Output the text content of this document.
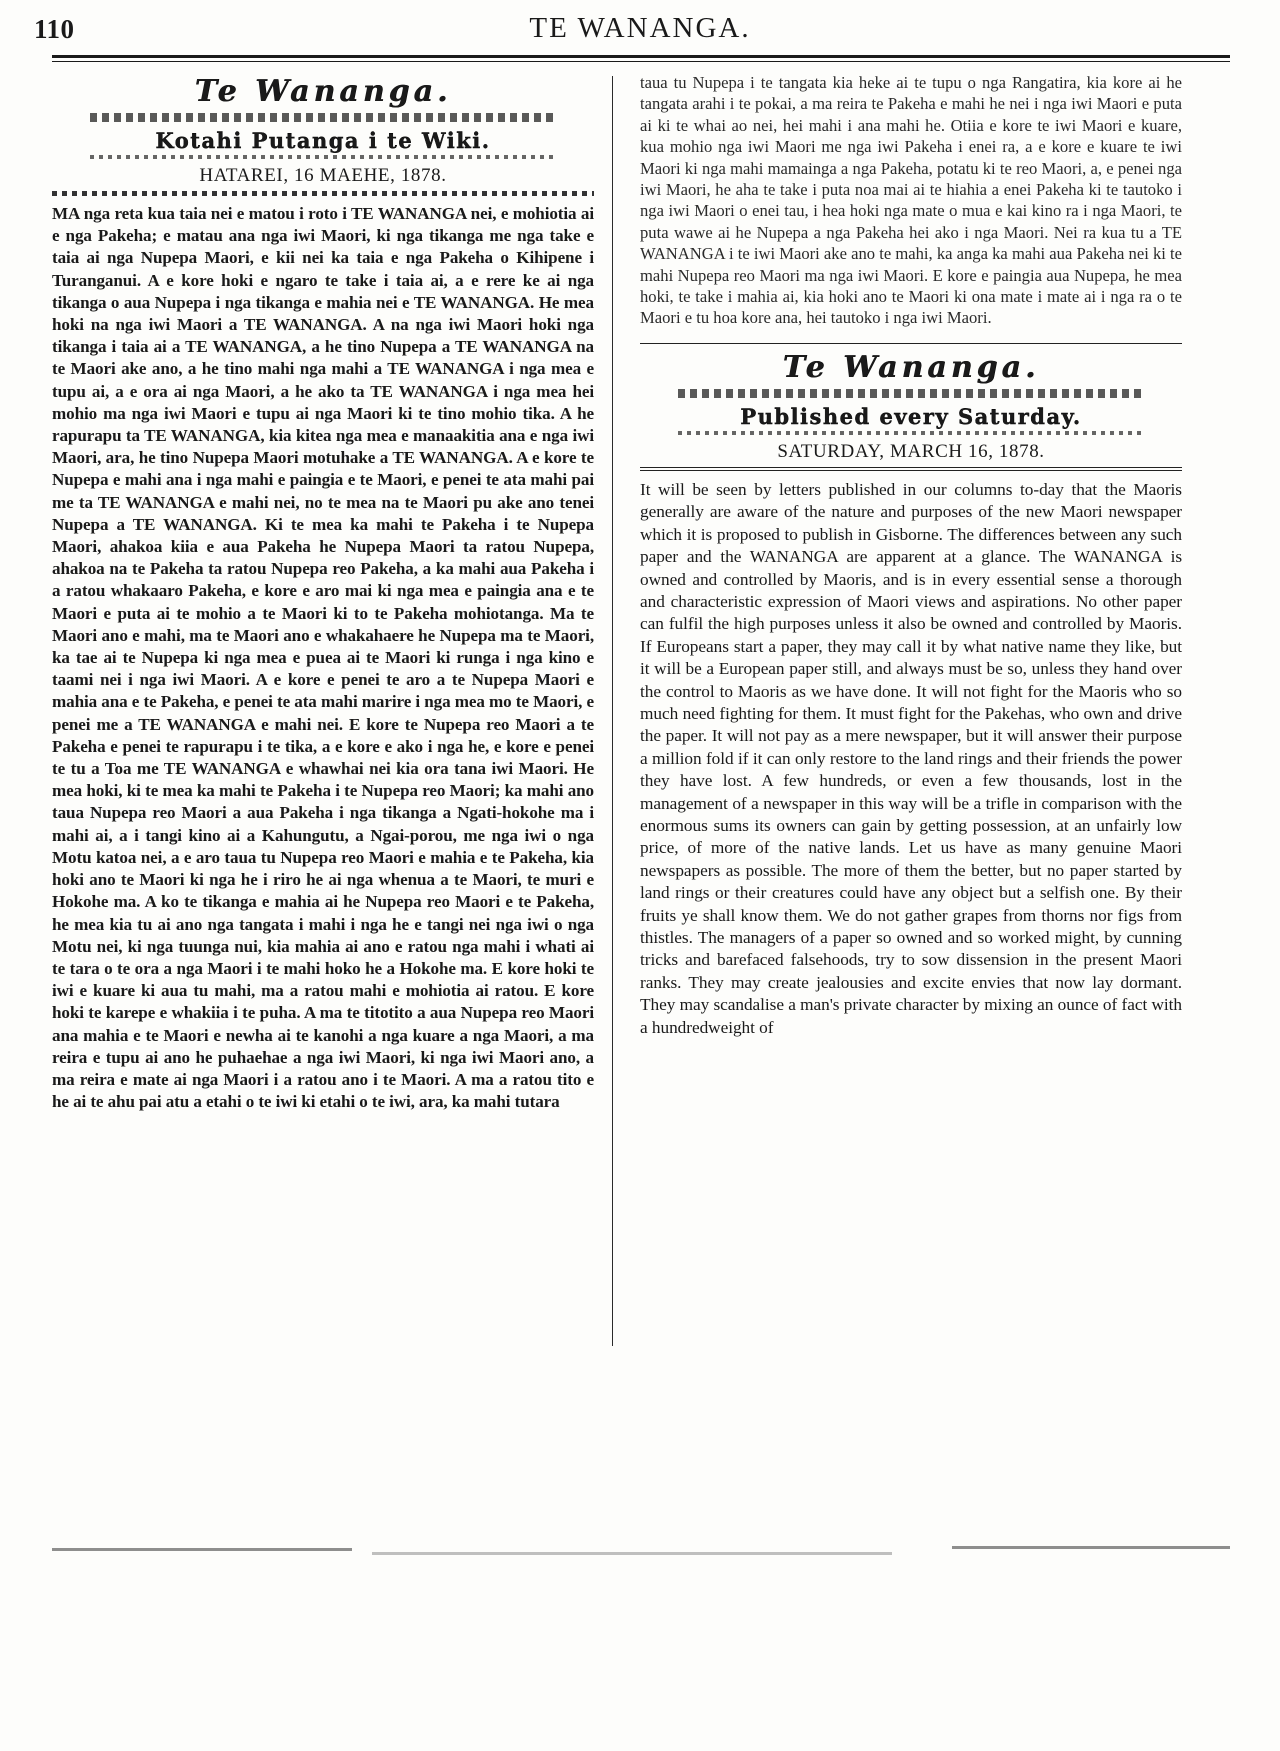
110	TE WANANGA.
Te Wananga.
Kotahi Putanga i te Wiki.
HATAREI, 16 MAEHE, 1878.
MA nga reta kua taia nei e matou i roto i TE WANANGA nei, e mohiotia ai e nga Pakeha; e matau ana nga iwi Maori, ki nga tikanga me nga take e taia ai nga Nupepa Maori, e kii nei ka taia e nga Pakeha o Kihipene i Turanganui. A e kore hoki e ngaro te take i taia ai, a e rere ke ai nga tikanga o aua Nupepa i nga tikanga e mahia nei e TE WANANGA. He mea hoki na nga iwi Maori a TE WANANGA. A na nga iwi Maori hoki nga tikanga i taia ai a TE WANANGA, a he tino Nupepa a TE WANANGA na te Maori ake ano, a he tino mahi nga mahi a TE WANANGA i nga mea e tupu ai, a e ora ai nga Maori, a he ako ta TE WANANGA i nga mea hei mohio ma nga iwi Maori e tupu ai nga Maori ki te tino mohio tika. A he rapurapu ta TE WANANGA, kia kitea nga mea e manaakitia ana e nga iwi Maori, ara, he tino Nupepa Maori motuhake a TE WANANGA. A e kore te Nupepa e mahi ana i nga mahi e paingia e te Maori, e penei te ata mahi pai me ta TE WANANGA e mahi nei, no te mea na te Maori pu ake ano tenei Nupepa a TE WANANGA. Ki te mea ka mahi te Pakeha i te Nupepa Maori, ahakoa kiia e aua Pakeha he Nupepa Maori ta ratou Nupepa, ahakoa na te Pakeha ta ratou Nupepa reo Pakeha, a ka mahi aua Pakeha i a ratou whakaaro Pakeha, e kore e aro mai ki nga mea e paingia ana e te Maori e puta ai te mohio a te Maori ki to te Pakeha mohiotanga. Ma te Maori ano e mahi, ma te Maori ano e whakahaere he Nupepa ma te Maori, ka tae ai te Nupepa ki nga mea e puea ai te Maori ki runga i nga kino e taami nei i nga iwi Maori. A e kore e penei te aro a te Nupepa Maori e mahia ana e te Pakeha, e penei te ata mahi marire i nga mea mo te Maori, e penei me a TE WANANGA e mahi nei. E kore te Nupepa reo Maori a te Pakeha e penei te rapurapu i te tika, a e kore e ako i nga he, e kore e penei te tu a Toa me TE WANANGA e whawhai nei kia ora tana iwi Maori. He mea hoki, ki te mea ka mahi te Pakeha i te Nupepa reo Maori; ka mahi ano taua Nupepa reo Maori a aua Pakeha i nga tikanga a Ngati-hokohe ma i mahi ai, a i tangi kino ai a Kahungutu, a Ngai-porou, me nga iwi o nga Motu katoa nei, a e aro taua tu Nupepa reo Maori e mahia e te Pakeha, kia hoki ano te Maori ki nga he i riro he ai nga whenua a te Maori, te muri e Hokohe ma. A ko te tikanga e mahia ai he Nupepa reo Maori e te Pakeha, he mea kia tu ai ano nga tangata i mahi i nga he e tangi nei nga iwi o nga Motu nei, ki nga tuunga nui, kia mahia ai ano e ratou nga mahi i whati ai te tara o te ora a nga Maori i te mahi hoko he a Hokohe ma. E kore hoki te iwi e kuare ki aua tu mahi, ma a ratou mahi e mohiotia ai ratou. E kore hoki te karepe e whakiia i te puha. A ma te titotito a aua Nupepa reo Maori ana mahia e te Maori e newha ai te kanohi a nga kuare a nga Maori, a ma reira e tupu ai ano he puhaehae a nga iwi Maori, ki nga iwi Maori ano, a ma reira e mate ai nga Maori i a ratou ano i te Maori. A ma a ratou tito e he ai te ahu pai atu a etahi o te iwi ki etahi o te iwi, ara, ka mahi tutara
taua tu Nupepa i te tangata kia heke ai te tupu o nga Rangatira, kia kore ai he tangata arahi i te pokai, a ma reira te Pakeha e mahi he nei i nga iwi Maori e puta ai ki te whai ao nei, hei mahi i ana mahi he. Otiia e kore te iwi Maori e kuare, kua mohio nga iwi Maori me nga iwi Pakeha i enei ra, a e kore e kuare te iwi Maori ki nga mahi mamainga a nga Pakeha, potatu ki te reo Maori, a, e penei nga iwi Maori, he aha te take i puta noa mai ai te hiahia a enei Pakeha ki te tautoko i nga iwi Maori o enei tau, i hea hoki nga mate o mua e kai kino ra i nga Maori, te puta wawe ai he Nupepa a nga Pakeha hei ako i nga Maori. Nei ra kua tu a TE WANANGA i te iwi Maori ake ano te mahi, ka anga ka mahi aua Pakeha nei ki te mahi Nupepa reo Maori ma nga iwi Maori. E kore e paingia aua Nupepa, he mea hoki, te take i mahia ai, kia hoki ano te Maori ki ona mate i mate ai i nga ra o te Maori e tu hoa kore ana, hei tautoko i nga iwi Maori.
Te Wananga.
Published every Saturday.
SATURDAY, MARCH 16, 1878.
It will be seen by letters published in our columns to-day that the Maoris generally are aware of the nature and purposes of the new Maori newspaper which it is proposed to publish in Gisborne. The differences between any such paper and the WANANGA are apparent at a glance. The WANANGA is owned and controlled by Maoris, and is in every essential sense a thorough and characteristic expression of Maori views and aspirations. No other paper can fulfil the high purposes unless it also be owned and controlled by Maoris. If Europeans start a paper, they may call it by what native name they like, but it will be a European paper still, and always must be so, unless they hand over the control to Maoris as we have done. It will not fight for the Maoris who so much need fighting for them. It must fight for the Pakehas, who own and drive the paper. It will not pay as a mere newspaper, but it will answer their purpose a million fold if it can only restore to the land rings and their friends the power they have lost. A few hundreds, or even a few thousands, lost in the management of a newspaper in this way will be a trifle in comparison with the enormous sums its owners can gain by getting possession, at an unfairly low price, of more of the native lands. Let us have as many genuine Maori newspapers as possible. The more of them the better, but no paper started by land rings or their creatures could have any object but a selfish one. By their fruits ye shall know them. We do not gather grapes from thorns nor figs from thistles. The managers of a paper so owned and so worked might, by cunning tricks and barefaced falsehoods, try to sow dissension in the present Maori ranks. They may create jealousies and excite envies that now lay dormant. They may scandalise a man's private character by mixing an ounce of fact with a hundredweight of
